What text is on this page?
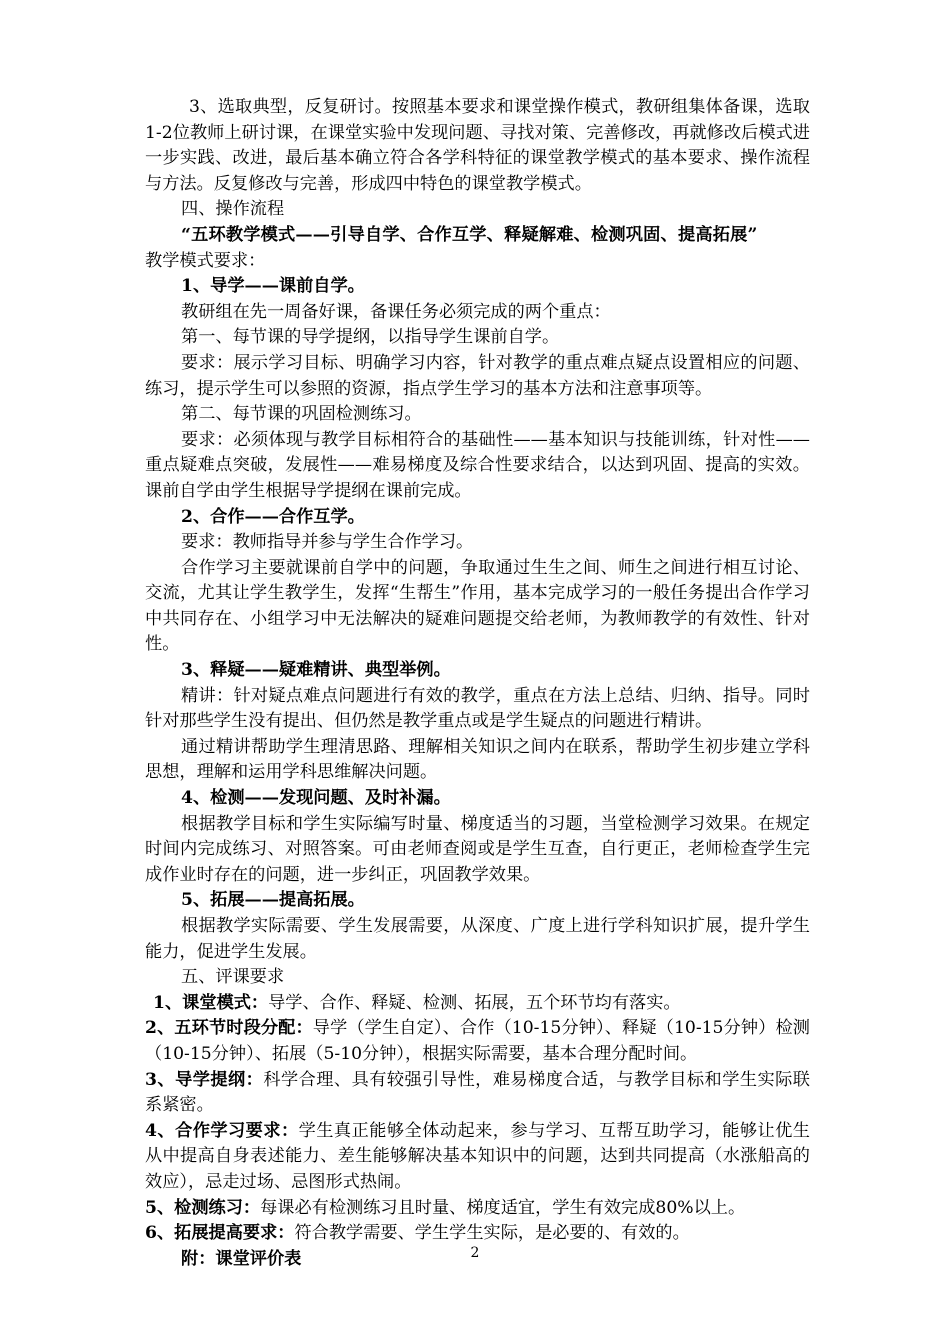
3、选取典型，反复研讨。按照基本要求和课堂操作模式，教研组集体备课，选取1-2位教师上研讨课，在课堂实验中发现问题、寻找对策、完善修改，再就修改后模式进一步实践、改进，最后基本确立符合各学科特征的课堂教学模式的基本要求、操作流程与方法。反复修改与完善，形成四中特色的课堂教学模式。

四、操作流程

“五环教学模式——引导自学、合作互学、释疑解难、检测巩固、提高拓展”

教学模式要求：

1、导学——课前自学。

教研组在先一周备好课，备课任务必须完成的两个重点：

第一、每节课的导学提纲，以指导学生课前自学。

要求：展示学习目标、明确学习内容，针对教学的重点难点疑点设置相应的问题、练习，提示学生可以参照的资源，指点学生学习的基本方法和注意事项等。

第二、每节课的巩固检测练习。

要求：必须体现与教学目标相符合的基础性——基本知识与技能训练，针对性——重点疑难点突破，发展性——难易梯度及综合性要求结合，以达到巩固、提高的实效。课前自学由学生根据导学提纲在课前完成。

2、合作——合作互学。

要求：教师指导并参与学生合作学习。

合作学习主要就课前自学中的问题，争取通过生生之间、师生之间进行相互讨论、交流，尤其让学生教学生，发挥“生帮生”作用，基本完成学习的一般任务提出合作学习中共同存在、小组学习中无法解决的疑难问题提交给老师，为教师教学的有效性、针对性。

3、释疑——疑难精讲、典型举例。

精讲：针对疑点难点问题进行有效的教学，重点在方法上总结、归纳、指导。同时针对那些学生没有提出、但仍然是教学重点或是学生疑点的问题进行精讲。

通过精讲帮助学生理清思路、理解相关知识之间内在联系，帮助学生初步建立学科思想，理解和运用学科思维解决问题。

4、检测——发现问题、及时补漏。

根据教学目标和学生实际编写时量、梯度适当的习题，当堂检测学习效果。在规定时间内完成练习、对照答案。可由老师查阅或是学生互查，自行更正，老师检查学生完成作业时存在的问题，进一步纠正，巩固教学效果。

5、拓展——提高拓展。

根据教学实际需要、学生发展需要，从深度、广度上进行学科知识扩展，提升学生能力，促进学生发展。

五、评课要求

1、课堂模式：导学、合作、释疑、检测、拓展，五个环节均有落实。

2、五环节时段分配：导学（学生自定）、合作（10-15分钟）、释疑（10-15分钟）检测（10-15分钟）、拓展（5-10分钟），根据实际需要，基本合理分配时间。

3、导学提纲：科学合理、具有较强引导性，难易梯度合适，与教学目标和学生实际联系紧密。

4、合作学习要求：学生真正能够全体动起来，参与学习、互帮互助学习，能够让优生从中提高自身表述能力、差生能够解决基本知识中的问题，达到共同提高（水涨船高的效应），忌走过场、忌图形式热闹。

5、检测练习：每课必有检测练习且时量、梯度适宜，学生有效完成80%以上。

6、拓展提高要求：符合教学需要、学生学生实际，是必要的、有效的。

附：课堂评价表	2
